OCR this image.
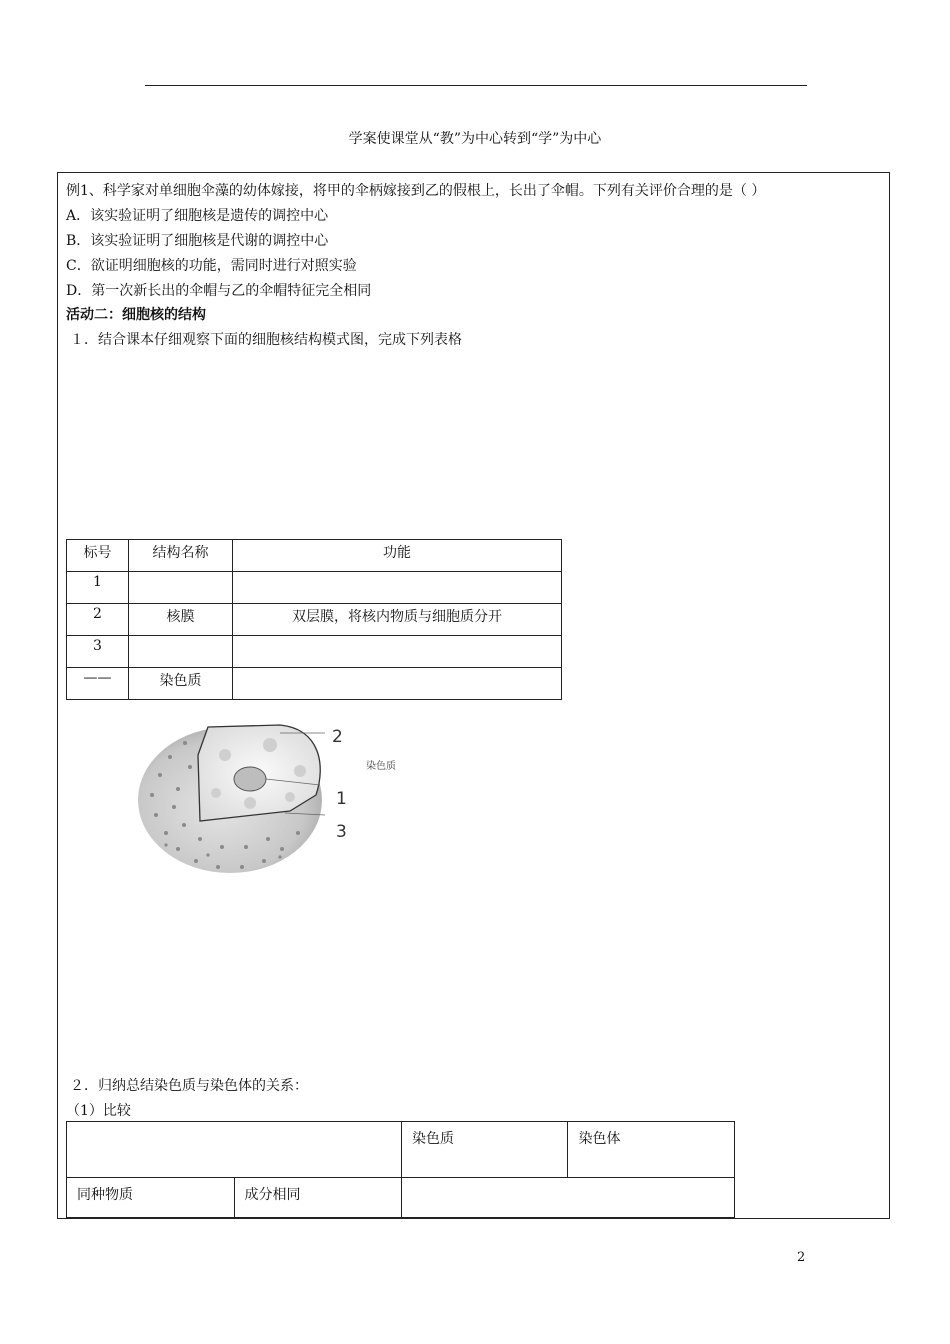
学案使课堂从“教”为中心转到“学”为中心
例1、科学家对单细胞伞藻的幼体嫁接，将甲的伞柄嫁接到乙的假根上，长出了伞帽。下列有关评价合理的是（ ）
A．该实验证明了细胞核是遗传的调控中心
B．该实验证明了细胞核是代谢的调控中心
C．欲证明细胞核的功能，需同时进行对照实验
D．第一次新长出的伞帽与乙的伞帽特征完全相同
活动二：细胞核的结构
１．结合课本仔细观察下面的细胞核结构模式图，完成下列表格
标号	结构名称	功能
1		
2	核膜	双层膜，将核内物质与细胞质分开
3		
——	染色质	
2
染色质
1
3
２．归纳总结染色质与染色体的关系：
（1）比较
		染色质	染色体
同种物质	成分相同		
2
